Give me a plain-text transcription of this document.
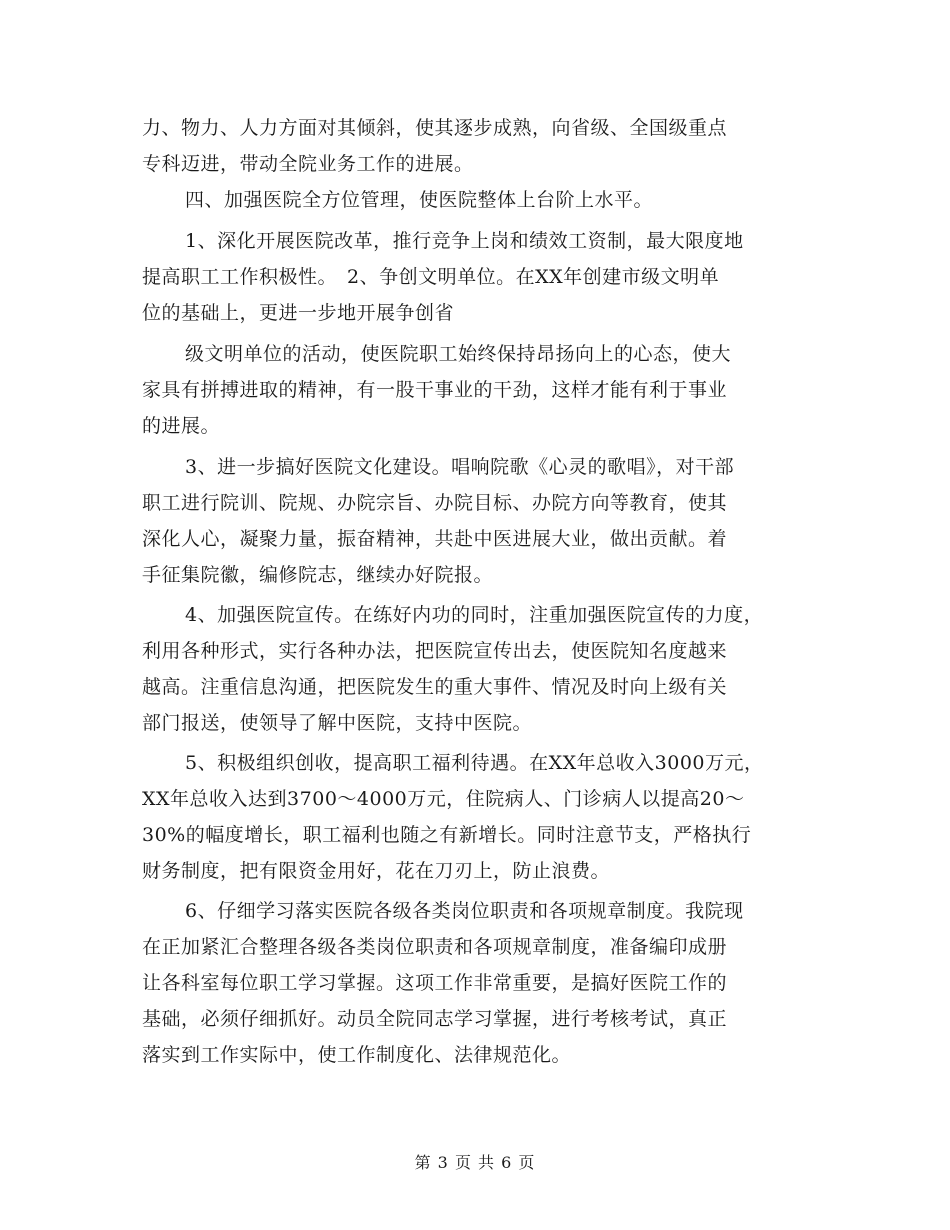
力、物力、人力方面对其倾斜，使其逐步成熟，向省级、全国级重点
专科迈进，带动全院业务工作的进展。
四、加强医院全方位管理，使医院整体上台阶上水平。
1、深化开展医院改革，推行竞争上岗和绩效工资制，最大限度地
提高职工工作积极性。　2、争创文明单位。在XX年创建市级文明单
位的基础上，更进一步地开展争创省
级文明单位的活动，使医院职工始终保持昂扬向上的心态，使大
家具有拼搏进取的精神，有一股干事业的干劲，这样才能有利于事业
的进展。
3、进一步搞好医院文化建设。唱响院歌《心灵的歌唱》，对干部
职工进行院训、院规、办院宗旨、办院目标、办院方向等教育，使其
深化人心，凝聚力量，振奋精神，共赴中医进展大业，做出贡献。着
手征集院徽，编修院志，继续办好院报。
4、加强医院宣传。在练好内功的同时，注重加强医院宣传的力度，
利用各种形式，实行各种办法，把医院宣传出去，使医院知名度越来
越高。注重信息沟通，把医院发生的重大事件、情况及时向上级有关
部门报送，使领导了解中医院，支持中医院。
5、积极组织创收，提高职工福利待遇。在XX年总收入3000万元，
XX年总收入达到3700～4000万元，住院病人、门诊病人以提高20～
30%的幅度增长，职工福利也随之有新增长。同时注意节支，严格执行
财务制度，把有限资金用好，花在刀刃上，防止浪费。
6、仔细学习落实医院各级各类岗位职责和各项规章制度。我院现
在正加紧汇合整理各级各类岗位职责和各项规章制度，准备编印成册
让各科室每位职工学习掌握。这项工作非常重要，是搞好医院工作的
基础，必须仔细抓好。动员全院同志学习掌握，进行考核考试，真正
落实到工作实际中，使工作制度化、法律规范化。
第 3 页 共 6 页
